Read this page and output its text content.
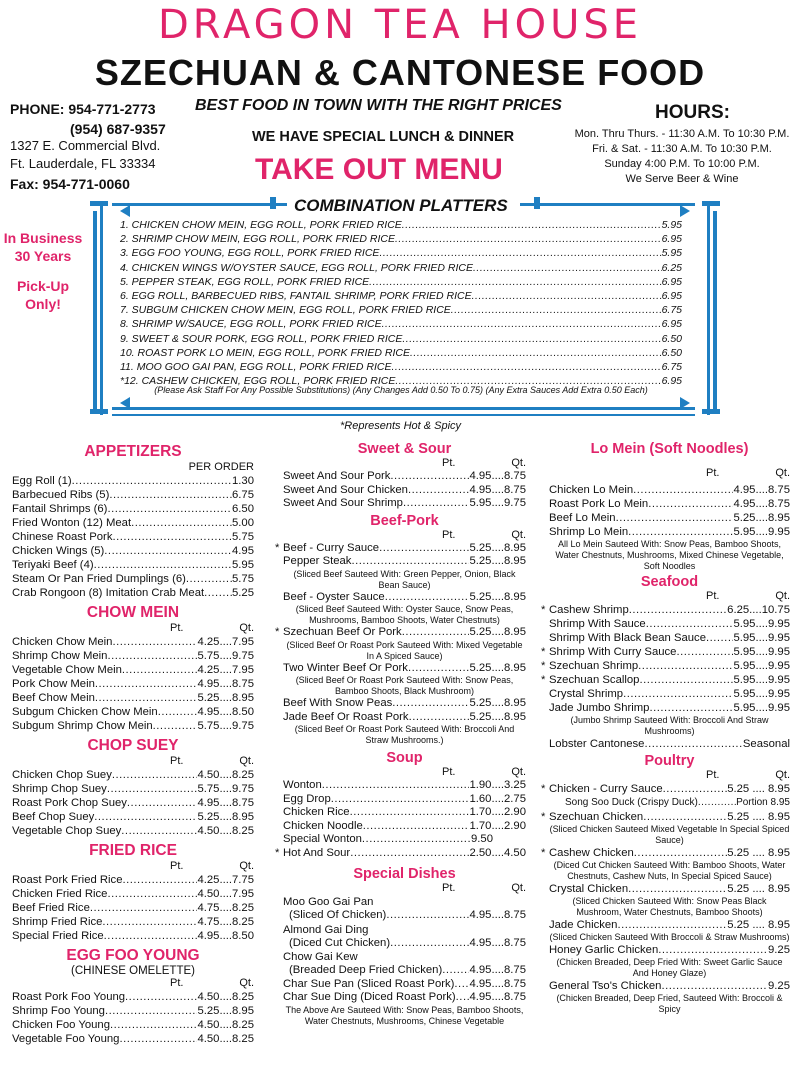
DRAGON TEA HOUSE
SZECHUAN & CANTONESE FOOD
PHONE: 954-771-2773
(954) 687-9357
1327 E. Commercial Blvd.
Ft. Lauderdale, FL 33334
Fax: 954-771-0060
BEST FOOD IN TOWN WITH THE RIGHT PRICES
WE HAVE SPECIAL LUNCH & DINNER
TAKE OUT MENU
HOURS:
Mon. Thru Thurs. - 11:30 A.M. To 10:30 P.M.
Fri. & Sat. - 11:30 A.M. To 10:30 P.M.
Sunday 4:00 P.M. To 10:00 P.M.
We Serve Beer & Wine
In Business
30 Years
Pick-Up
Only!
COMBINATION PLATTERS
1. CHICKEN CHOW MEIN, EGG ROLL, PORK FRIED RICE .....	5.95
2. SHRIMP CHOW MEIN, EGG ROLL, PORK FRIED RICE .....	6.95
3. EGG FOO YOUNG, EGG ROLL, PORK FRIED RICE .....	5.95
4. CHICKEN WINGS W/OYSTER SAUCE, EGG ROLL, PORK FRIED RICE .....	6.25
5. PEPPER STEAK, EGG ROLL, PORK FRIED RICE .....	6.95
6. EGG ROLL, BARBECUED RIBS, FANTAIL SHRIMP, PORK FRIED RICE .....	6.95
7. SUBGUM CHICKEN CHOW MEIN, EGG ROLL, PORK FRIED RICE .....	6.75
8. SHRIMP W/SAUCE, EGG ROLL, PORK FRIED RICE .....	6.95
9. SWEET & SOUR PORK, EGG ROLL, PORK FRIED RICE .....	6.50
10. ROAST PORK LO MEIN, EGG ROLL, PORK FRIED RICE .....	6.50
11. MOO GOO GAI PAN, EGG ROLL, PORK FRIED RICE .....	6.75
*12. CASHEW CHICKEN, EGG ROLL, PORK FRIED RICE .....	6.95
(Please Ask Staff For Any Possible Substitutions) (Any Changes Add 0.50 To 0.75) (Any Extra Sauces Add Extra 0.50 Each)
*Represents Hot & Spicy
APPETIZERS
PER ORDER
Egg Roll (1) .....	1.30
Barbecued Ribs (5) .....	6.75
Fantail Shrimps (6) .....	6.50
Fried Wonton (12) Meat .....	5.00
Chinese Roast Pork .....	5.75
Chicken Wings (5) .....	4.95
Teriyaki Beef (4) .....	5.95
Steam Or Pan Fried Dumplings (6) .....	5.75
Crab Rongoon (8) Imitation Crab Meat ..... 5.25
CHOW MEIN
Pt.	Qt.
Chicken Chow Mein .....	4.25 .... 7.95
Shrimp Chow Mein .....	5.75 .... 9.75
Vegetable Chow Mein .....	4.25 .... 7.95
Pork Chow Mein .....	4.95 .... 8.75
Beef Chow Mein .....	5.25 .... 8.95
Subgum Chicken Chow Mein .....	4.95 .... 8.50
Subgum Shrimp Chow Mein .....	5.75 .... 9.75
CHOP SUEY
Pt.	Qt.
Chicken Chop Suey .....	4.50 .... 8.25
Shrimp Chop Suey .....	5.75 .... 9.75
Roast Pork Chop Suey .....	4.95 .... 8.75
Beef Chop Suey .....	5.25 .... 8.95
Vegetable Chop Suey .....	4.50 .... 8.25
FRIED RICE
Pt.	Qt.
Roast Pork Fried Rice .....	4.25 .... 7.75
Chicken Fried Rice .....	4.50 .... 7.95
Beef Fried Rice .....	4.75 .... 8.25
Shrimp Fried Rice .....	4.75 .... 8.25
Special Fried Rice .....	4.95 .... 8.50
EGG FOO YOUNG
(CHINESE OMELETTE)
Pt.	Qt.
Roast Pork Foo Young .....	4.50 .... 8.25
Shrimp Foo Young .....	5.25 .... 8.95
Chicken Foo Young .....	4.50 .... 8.25
Vegetable Foo Young .....	4.50 .... 8.25
Sweet & Sour
Pt.	Qt.
Sweet And Sour Pork .....	4.95 .... 8.75
Sweet And Sour Chicken .....	4.95 .... 8.75
Sweet And Sour Shrimp .....	5.95 .... 9.75
Beef-Pork
Pt.	Qt.
* Beef - Curry Sauce .....	5.25 .... 8.95
Pepper Steak .....	5.25 .... 8.95
(Sliced Beef Sauteed With: Green Pepper, Onion, Black Bean Sauce)
Beef - Oyster Sauce .....	5.25 .... 8.95
(Sliced Beef Sauteed With: Oyster Sauce, Snow Peas, Mushrooms, Bamboo Shoots, Water Chestnuts)
* Szechuan Beef Or Pork .....	5.25 .... 8.95
(Sliced Beef Or Roast Pork Sauteed With: Mixed Vegetable In A Spiced Sauce)
Two Winter Beef Or Pork .....	5.25 .... 8.95
(Sliced Beef Or Roast Pork Sauteed With: Snow Peas, Bamboo Shoots, Black Mushroom)
Beef With Snow Peas .....	5.25 .... 8.95
Jade Beef Or Roast Pork .....	5.25 .... 8.95
(Sliced Beef Or Roast Pork Sauteed With: Broccoli And Straw Mushrooms.)
Soup
Pt.	Qt.
Wonton .....	1.90 .... 3.25
Egg Drop .....	1.60 .... 2.75
Chicken Rice .....	1.70 .... 2.90
Chicken Noodle .....	1.70 .... 2.90
Special Wonton .....	9.50
* Hot And Sour .....	2.50 .... 4.50
Special Dishes
Pt.	Qt.
Moo Goo Gai Pan
(Sliced Of Chicken) .....	4.95 .... 8.75
Almond Gai Ding
(Diced Cut Chicken) .....	4.95 .... 8.75
Chow Gai Kew
(Breaded Deep Fried Chicken) ..... 4.95 .... 8.75
Char Sue Pan (Sliced Roast Pork) ..... 4.95 .... 8.75
Char Sue Ding (Diced Roast Pork) ..... 4.95 .... 8.75
The Above Are Sauteed With: Snow Peas, Bamboo Shoots, Water Chestnuts, Mushrooms, Chinese Vegetable
Lo Mein (Soft Noodles)
Pt.	Qt.
Chicken Lo Mein .....	4.95 .... 8.75
Roast Pork Lo Mein .....	4.95 .... 8.75
Beef Lo Mein .....	5.25 .... 8.95
Shrimp Lo Mein .....	5.95 .... 9.95
All Lo Mein Sauteed With: Snow Peas, Bamboo Shoots, Water Chestnuts, Mushrooms, Mixed Chinese Vegetable, Soft Noodles
Seafood
Pt.	Qt.
* Cashew Shrimp .....	6.25 .... 10.75
Shrimp With Sauce .....	5.95 .... 9.95
Shrimp With Black Bean Sauce ..... 5.95 .... 9.95
* Shrimp With Curry Sauce .....	5.95 .... 9.95
* Szechuan Shrimp .....	5.95 .... 9.95
* Szechuan Scallop .....	5.95 .... 9.95
Crystal Shrimp .....	5.95 .... 9.95
Jade Jumbo Shrimp .....	5.95 .... 9.95
(Jumbo Shrimp Sauteed With: Broccoli And Straw Mushrooms)
Lobster Cantonese .....	Seasonal
Poultry
Pt.	Qt.
* Chicken - Curry Sauce .....	5.25 .... 8.95
Song Soo Duck (Crispy Duck) .....	Portion 8.95
* Szechuan Chicken .....	5.25 .... 8.95
(Sliced Chicken Sauteed Mixed Vegetable In Special Spiced Sauce)
* Cashew Chicken .....	5.25 .... 8.95
(Diced Cut Chicken Sauteed With: Bamboo Shoots, Water Chestnuts, Cashew Nuts, In Special Spiced Sauce)
Crystal Chicken .....	5.25 .... 8.95
(Sliced Chicken Sauteed With: Snow Peas Black Mushroom, Water Chestnuts, Bamboo Shoots)
Jade Chicken .....	5.25 .... 8.95
(Sliced Chicken Sauteed With Broccoli & Straw Mushrooms)
Honey Garlic Chicken .....	9.25
(Chicken Breaded, Deep Fried With: Sweet Garlic Sauce And Honey Glaze)
General Tso's Chicken .....	9.25
(Chicken Breaded, Deep Fried, Sauteed With: Broccoli & Spicy
